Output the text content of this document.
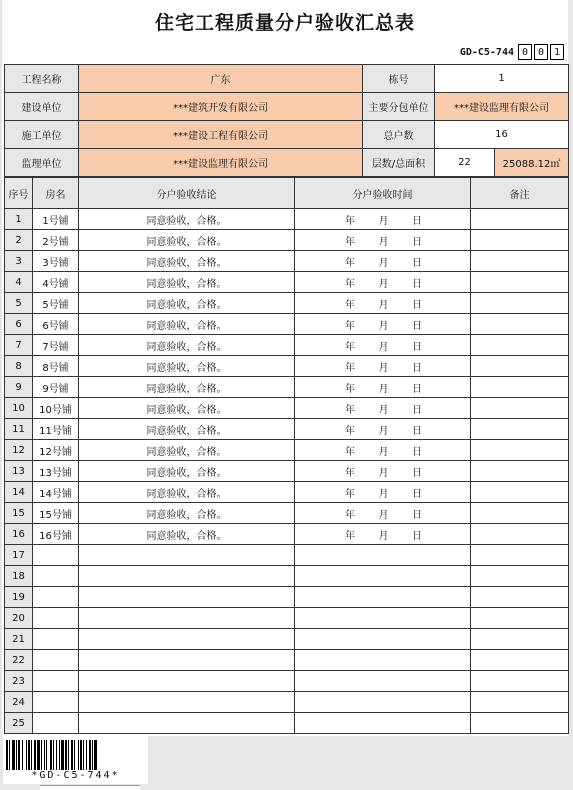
住宅工程质量分户验收汇总表
GD-C5-744 0 0 1
工程名称	广东	栋号	1	
建设单位	***建筑开发有限公司	主要分包单位	***建设监理有限公司	
施工单位	***建设工程有限公司	总户数	16	
监理单位	***建设监理有限公司	层数/总面积	22	25088.12㎡
序号	房名	分户验收结论	分户验收时间	备注
1	1号铺	同意验收，合格。	年 月 日	

2	2号铺	同意验收，合格。	年 月 日	

3	3号铺	同意验收，合格。	年 月 日	

4	4号铺	同意验收，合格。	年 月 日	

5	5号铺	同意验收，合格。	年 月 日	

6	6号铺	同意验收，合格。	年 月 日	

7	7号铺	同意验收，合格。	年 月 日	

8	8号铺	同意验收，合格。	年 月 日	

9	9号铺	同意验收，合格。	年 月 日	

10	10号铺	同意验收，合格。	年 月 日	

11	11号铺	同意验收，合格。	年 月 日	

12	12号铺	同意验收，合格。	年 月 日	

13	13号铺	同意验收，合格。	年 月 日	

14	14号铺	同意验收，合格。	年 月 日	

15	15号铺	同意验收，合格。	年 月 日	

16	16号铺	同意验收，合格。	年 月 日	

17				
18				
19				
20				
21				
22				
23				
24				
25				
*GD-C5-744*
